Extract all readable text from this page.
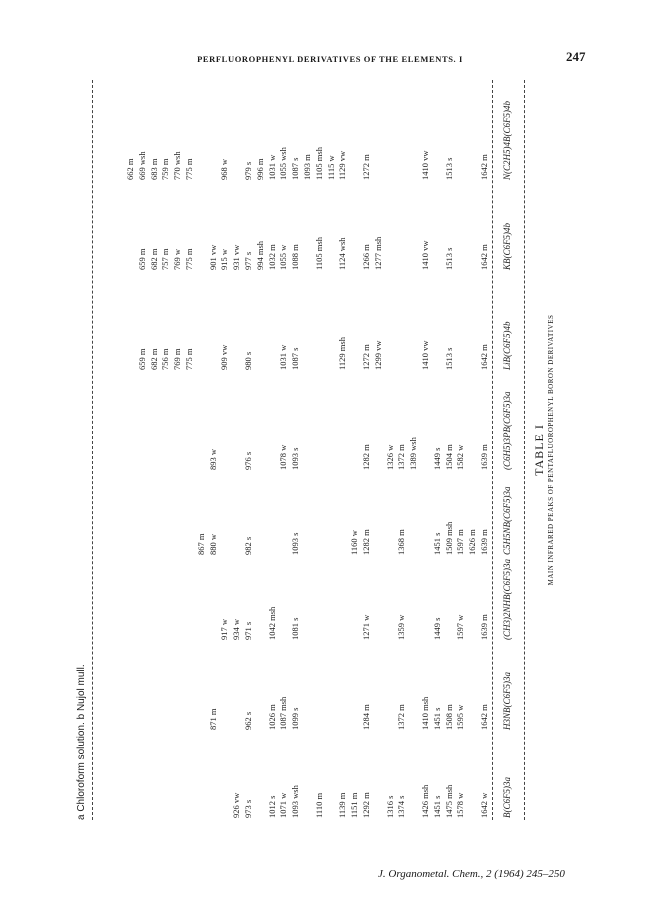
PERFLUOROPHENYL DERIVATIVES OF THE ELEMENTS. I	247
TABLE I MAIN INFRARED PEAKS OF PENTAFLUOROPHENYL BORON DERIVATIVES
B(C6F5)3a
1642 w
1578 w
1475 msh
1451 s
1426 msh
1374 s
1316 s
1292 m
1151 m
1139 m
1110 m
1093 wsh
1071 w
1012 s
973 s
926 vw
H3NB(C6F5)3a
1642 m
1595 w
1508 m
1451 s
1410 msh
1372 m
1284 m
1099 s
1087 msh
1026 m
962 s
871 m
(CH3)2NHB(C6F5)3a
1639 m
1597 w
1449 s
1359 w
1271 w
1081 s
1042 msh
971 s
934 w
917 w
C5H5NB(C6F5)3a
1639 m
1626 m
1597 m
1509 msh
1451 s
1368 m
1282 m
1160 w
1093 s
982 s
880 w
867 m
(C6H5)3PB(C6F5)3a
1639 m
1582 w
1504 m
1449 s
1389 wsh
1372 m
1326 w
1282 m
1093 s
1078 w
976 s
893 w
LiB(C6F5)4b
1642 m
1513 s
1410 vw
1299 vw
1272 m
1129 msh
1087 s
1031 w
980 s
909 vw
775 m
769 m
756 m
682 m
659 m
KB(C6F5)4b
1642 m
1513 s
1410 vw
1277 msh
1266 m
1124 wsh
1105 msh
1088 m
1055 w
1032 m
994 msh
977 s
931 vw
915 w
901 vw
775 m
769 w
757 m
682 m
659 m
N(C2H5)4B(C6F5)4b
1642 m
1513 s
1410 vw
1272 m
1129 vw
1115 w
1105 msh
1093 m
1087 s
1055 wsh
1031 w
996 m
979 s
968 w
775 m
770 wsh
759 m
683 m
669 wsh
662 m
a Chloroform solution. b Nujol mull.
J. Organometal. Chem., 2 (1964) 245–250
